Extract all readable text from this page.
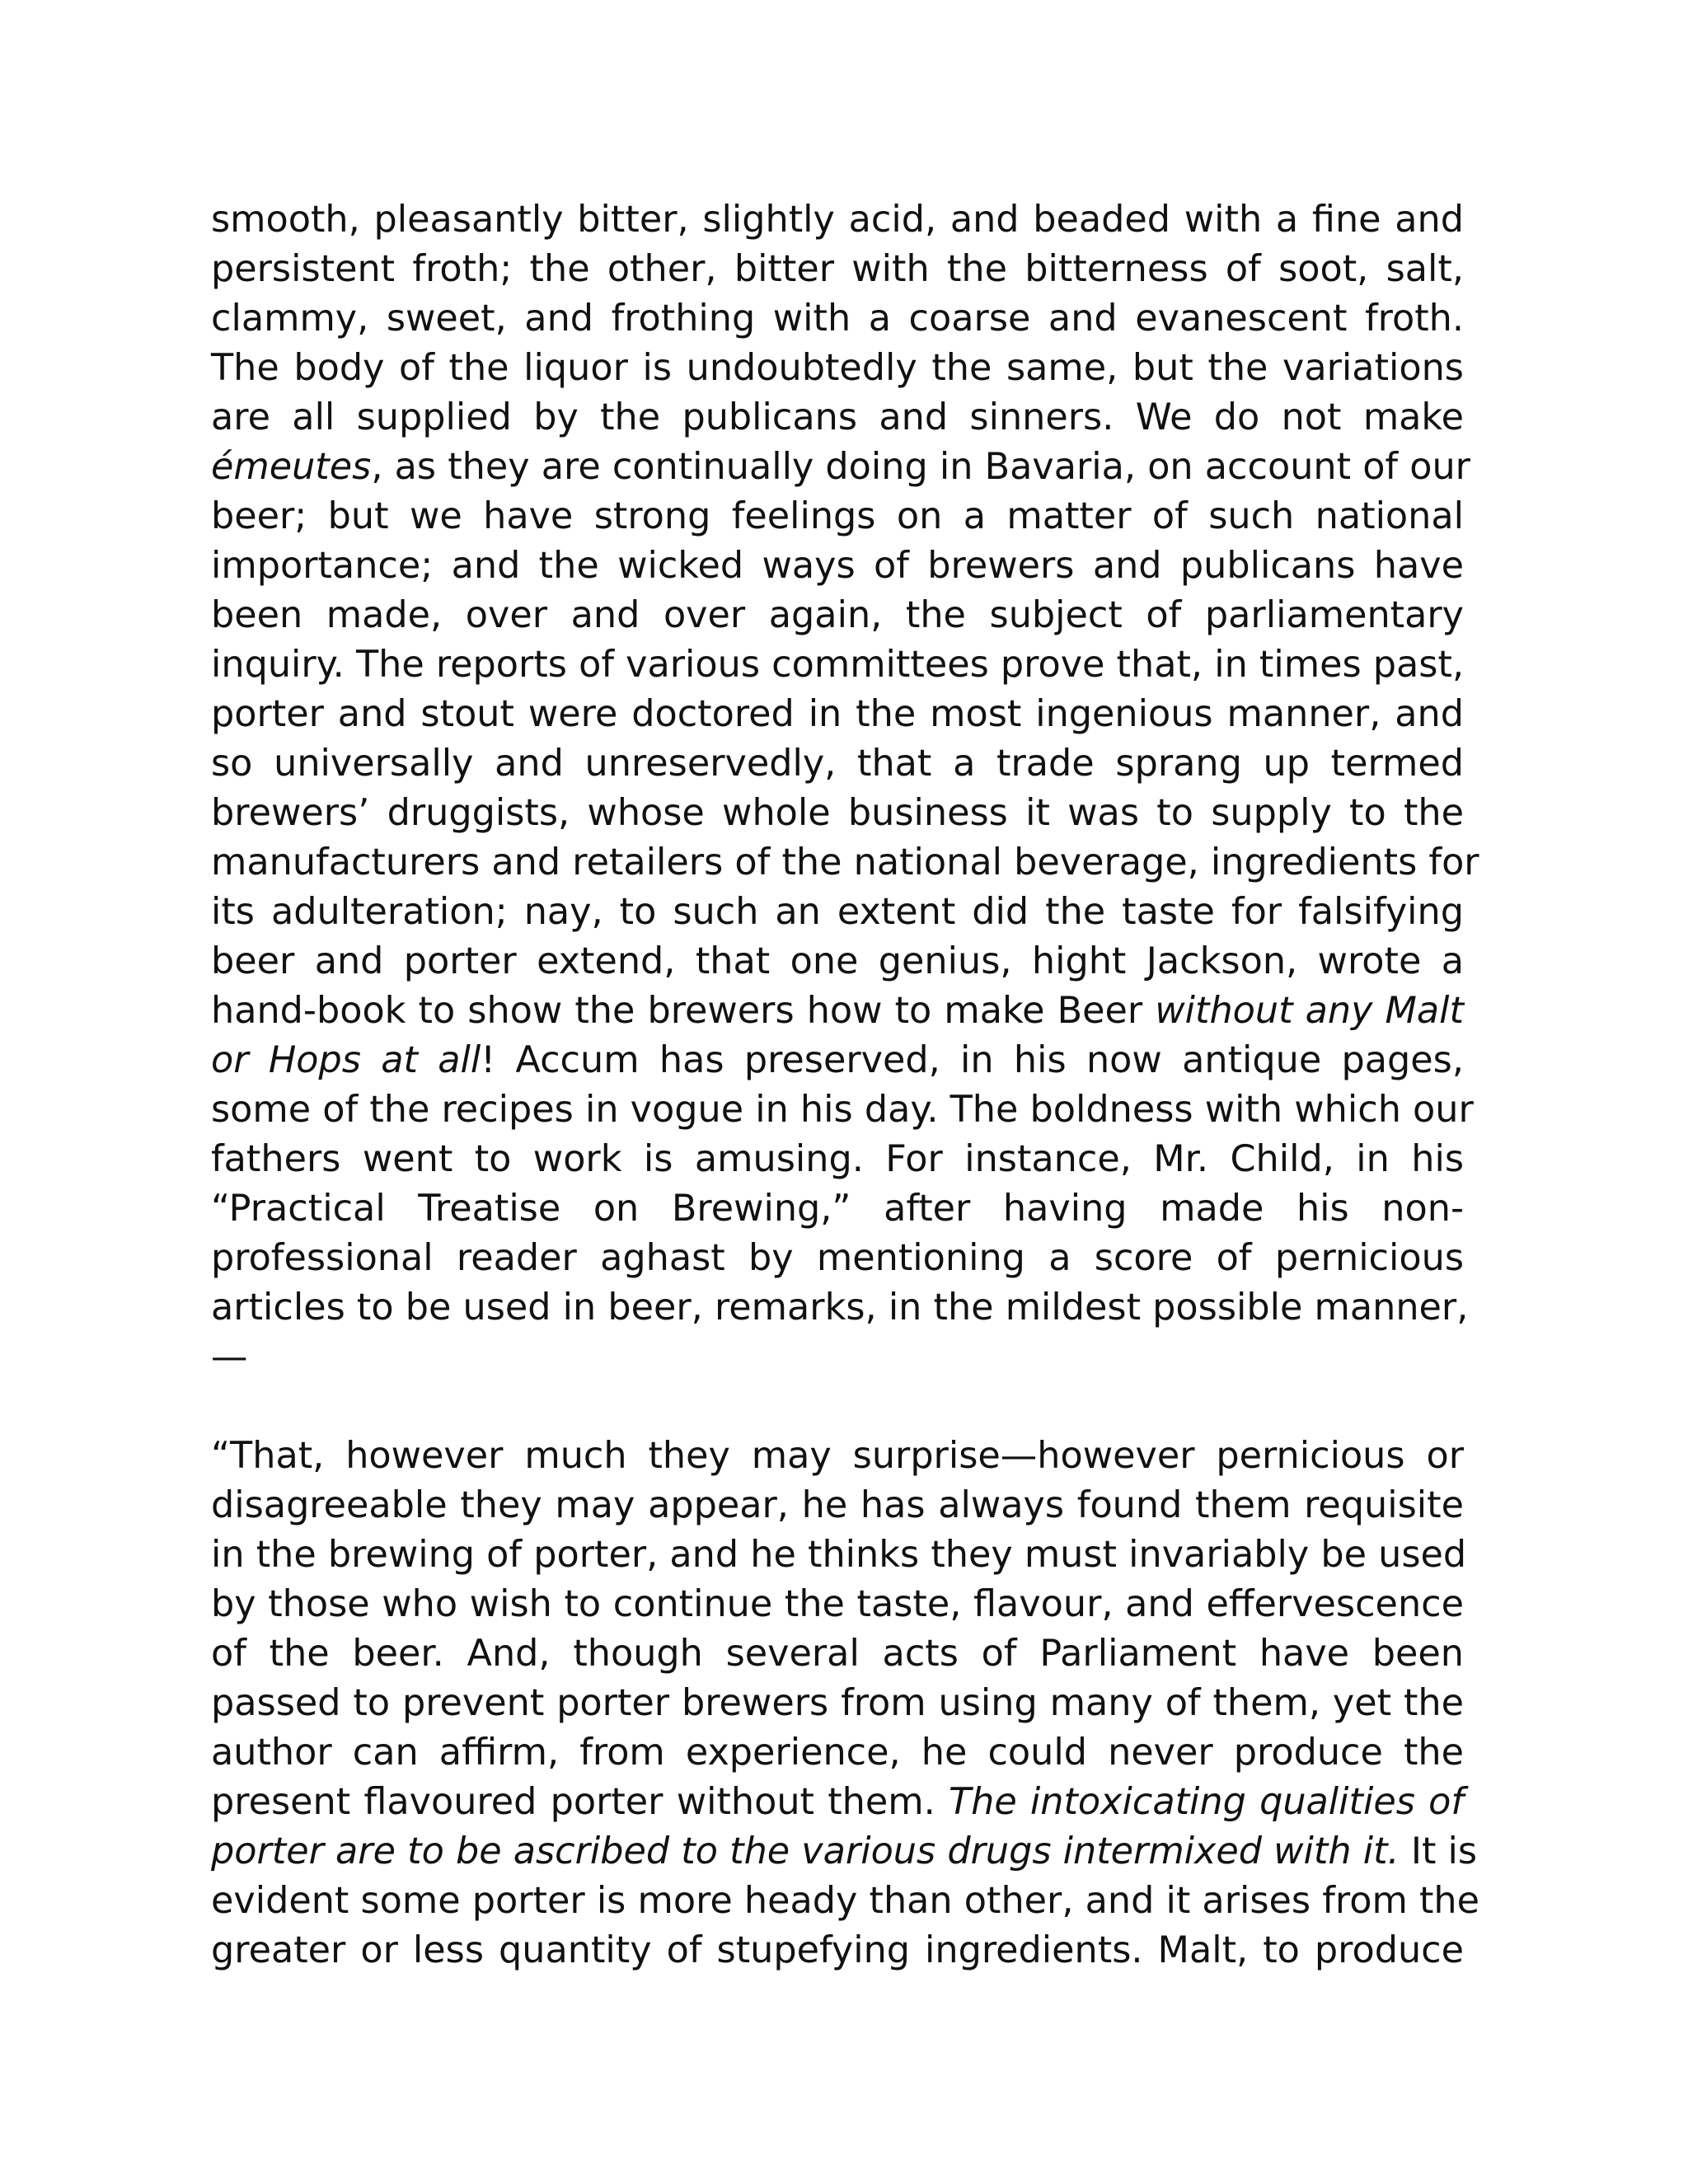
smooth, pleasantly bitter, slightly acid, and beaded with a fine and
persistent froth; the other, bitter with the bitterness of soot, salt,
clammy, sweet, and frothing with a coarse and evanescent froth.
The body of the liquor is undoubtedly the same, but the variations
are all supplied by the publicans and sinners. We do not make
émeutes, as they are continually doing in Bavaria, on account of our
beer; but we have strong feelings on a matter of such national
importance; and the wicked ways of brewers and publicans have
been made, over and over again, the subject of parliamentary
inquiry. The reports of various committees prove that, in times past,
porter and stout were doctored in the most ingenious manner, and
so universally and unreservedly, that a trade sprang up termed
brewers’ druggists, whose whole business it was to supply to the
manufacturers and retailers of the national beverage, ingredients for
its adulteration; nay, to such an extent did the taste for falsifying
beer and porter extend, that one genius, hight Jackson, wrote a
hand-book to show the brewers how to make Beer without any Malt
or Hops at all! Accum has preserved, in his now antique pages,
some of the recipes in vogue in his day. The boldness with which our
fathers went to work is amusing. For instance, Mr. Child, in his
“Practical Treatise on Brewing,” after having made his non-
professional reader aghast by mentioning a score of pernicious
articles to be used in beer, remarks, in the mildest possible manner,
—
“That, however much they may surprise—however pernicious or
disagreeable they may appear, he has always found them requisite
in the brewing of porter, and he thinks they must invariably be used
by those who wish to continue the taste, flavour, and effervescence
of the beer. And, though several acts of Parliament have been
passed to prevent porter brewers from using many of them, yet the
author can affirm, from experience, he could never produce the
present flavoured porter without them. The intoxicating qualities of
porter are to be ascribed to the various drugs intermixed with it. It is
evident some porter is more heady than other, and it arises from the
greater or less quantity of stupefying ingredients. Malt, to produce
